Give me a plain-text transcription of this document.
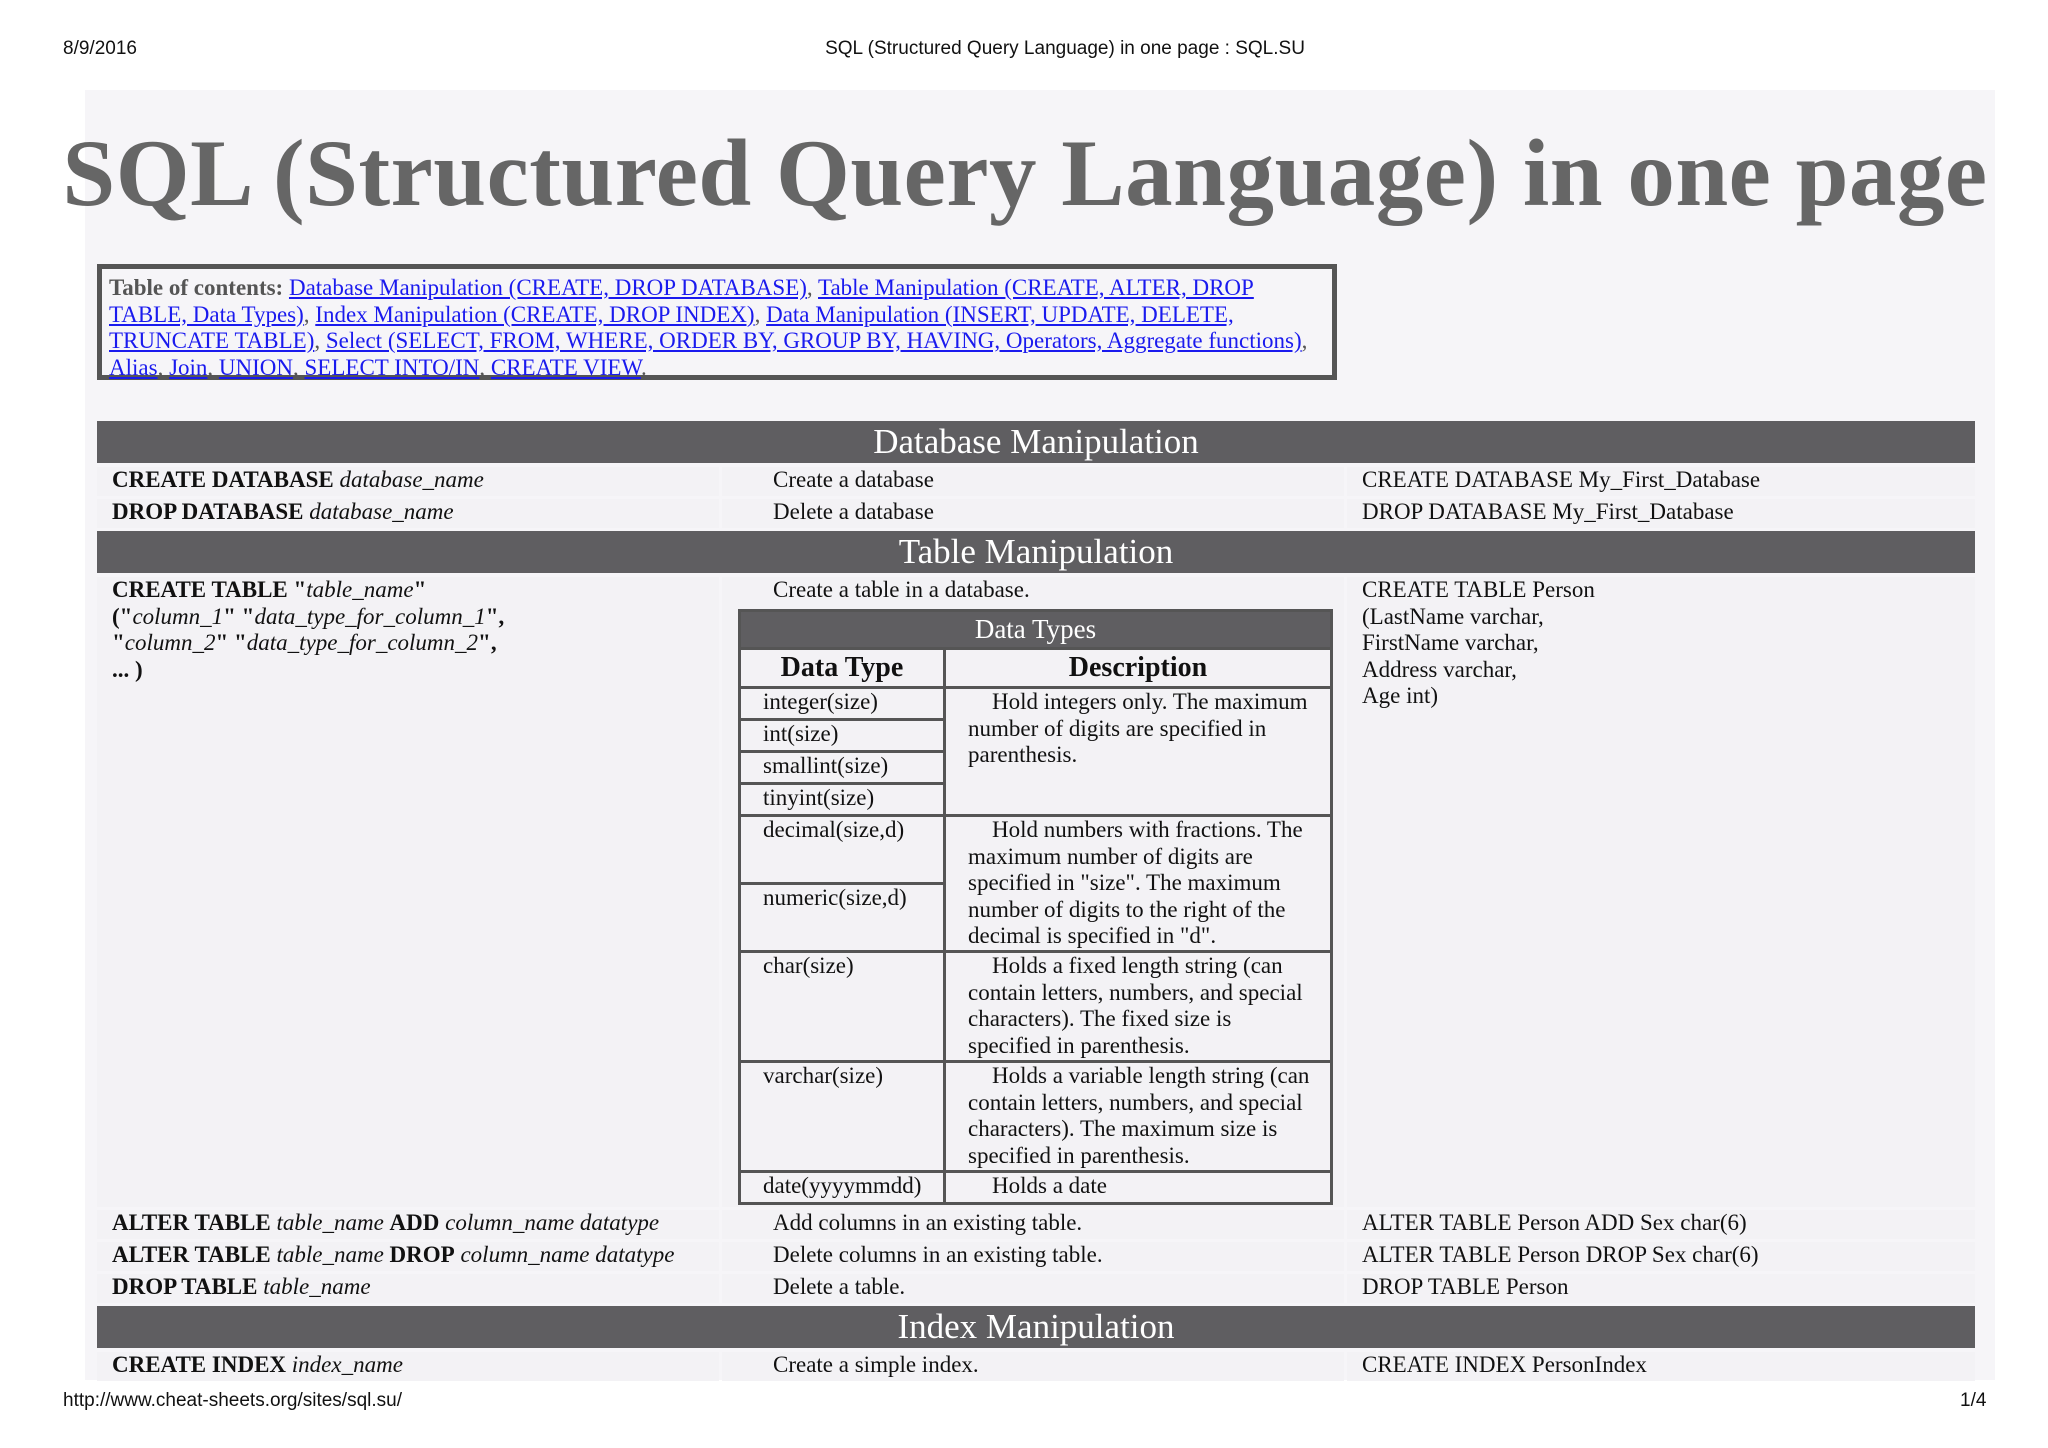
8/9/2016	SQL (Structured Query Language) in one page : SQL.SU
SQL (Structured Query Language) in one page
Table of contents: Database Manipulation (CREATE, DROP DATABASE), Table Manipulation (CREATE, ALTER, DROP TABLE, Data Types), Index Manipulation (CREATE, DROP INDEX), Data Manipulation (INSERT, UPDATE, DELETE, TRUNCATE TABLE), Select (SELECT, FROM, WHERE, ORDER BY, GROUP BY, HAVING, Operators, Aggregate functions), Alias, Join, UNION, SELECT INTO/IN, CREATE VIEW.
Database Manipulation
CREATE DATABASE database_name	Create a database	CREATE DATABASE My_First_Database
DROP DATABASE database_name	Delete a database	DROP DATABASE My_First_Database
Table Manipulation
CREATE TABLE "table_name"
("column_1" "data_type_for_column_1",
"column_2" "data_type_for_column_2",
... )
Create a table in a database.	CREATE TABLE Person
(LastName varchar,
FirstName varchar,
Address varchar,
Age int)
Data Types	
Data Type	Description
integer(size)	Hold integers only. The maximum number of digits are specified in parenthesis.
int(size)	
smallint(size)	
tinyint(size)	
decimal(size,d)	Hold numbers with fractions. The maximum number of digits are specified in "size". The maximum number of digits to the right of the decimal is specified in "d".
numeric(size,d)	
char(size)	Holds a fixed length string (can contain letters, numbers, and special characters). The fixed size is specified in parenthesis.
varchar(size)	Holds a variable length string (can contain letters, numbers, and special characters). The maximum size is specified in parenthesis.
date(yyyymmdd)	Holds a date
ALTER TABLE table_name ADD column_name datatype	Add columns in an existing table.	ALTER TABLE Person ADD Sex char(6)
ALTER TABLE table_name DROP column_name datatype	Delete columns in an existing table.	ALTER TABLE Person DROP Sex char(6)
DROP TABLE table_name	Delete a table.	DROP TABLE Person
Index Manipulation
CREATE INDEX index_name	Create a simple index.	CREATE INDEX PersonIndex
http://www.cheat-sheets.org/sites/sql.su/	1/4
